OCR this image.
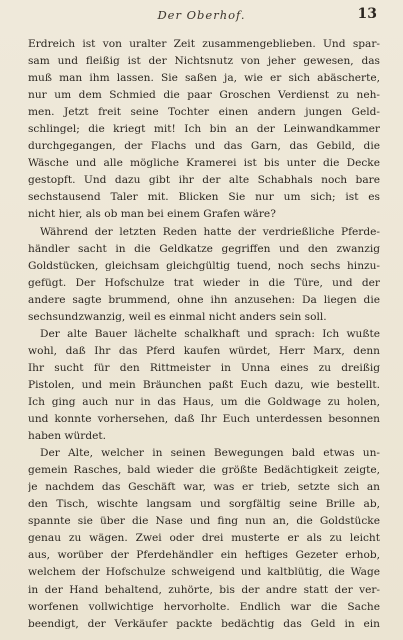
Der Oberhof.	13
Erdreich ist von uralter Zeit zusammengeblieben. Und spar-
sam und fleißig ist der Nichtsnutz von jeher gewesen, das
muß man ihm lassen. Sie saßen ja, wie er sich abäscherte,
nur um dem Schmied die paar Groschen Verdienst zu neh-
men. Jetzt freit seine Tochter einen andern jungen Geld-
schlingel; die kriegt mit! Ich bin an der Leinwandkammer
durchgegangen, der Flachs und das Garn, das Gebild, die
Wäsche und alle mögliche Kramerei ist bis unter die Decke
gestopft. Und dazu gibt ihr der alte Schabhals noch bare
sechstausend Taler mit. Blicken Sie nur um sich; ist es
nicht hier, als ob man bei einem Grafen wäre?
Während der letzten Reden hatte der verdrießliche Pferde-
händler sacht in die Geldkatze gegriffen und den zwanzig
Goldstücken, gleichsam gleichgültig tuend, noch sechs hinzu-
gefügt. Der Hofschulze trat wieder in die Türe, und der
andere sagte brummend, ohne ihn anzusehen: Da liegen die
sechsundzwanzig, weil es einmal nicht anders sein soll.
Der alte Bauer lächelte schalkhaft und sprach: Ich wußte
wohl, daß Ihr das Pferd kaufen würdet, Herr Marx, denn
Ihr sucht für den Rittmeister in Unna eines zu dreißig
Pistolen, und mein Bräunchen paßt Euch dazu, wie bestellt.
Ich ging auch nur in das Haus, um die Goldwage zu holen,
und konnte vorhersehen, daß Ihr Euch unterdessen besonnen
haben würdet.
Der Alte, welcher in seinen Bewegungen bald etwas un-
gemein Rasches, bald wieder die größte Bedächtigkeit zeigte,
je nachdem das Geschäft war, was er trieb, setzte sich an
den Tisch, wischte langsam und sorgfältig seine Brille ab,
spannte sie über die Nase und fing nun an, die Goldstücke
genau zu wägen. Zwei oder drei musterte er als zu leicht
aus, worüber der Pferdehändler ein heftiges Gezeter erhob,
welchem der Hofschulze schweigend und kaltblütig, die Wage
in der Hand behaltend, zuhörte, bis der andre statt der ver-
worfenen vollwichtige hervorholte. Endlich war die Sache
beendigt, der Verkäufer packte bedächtig das Geld in ein
